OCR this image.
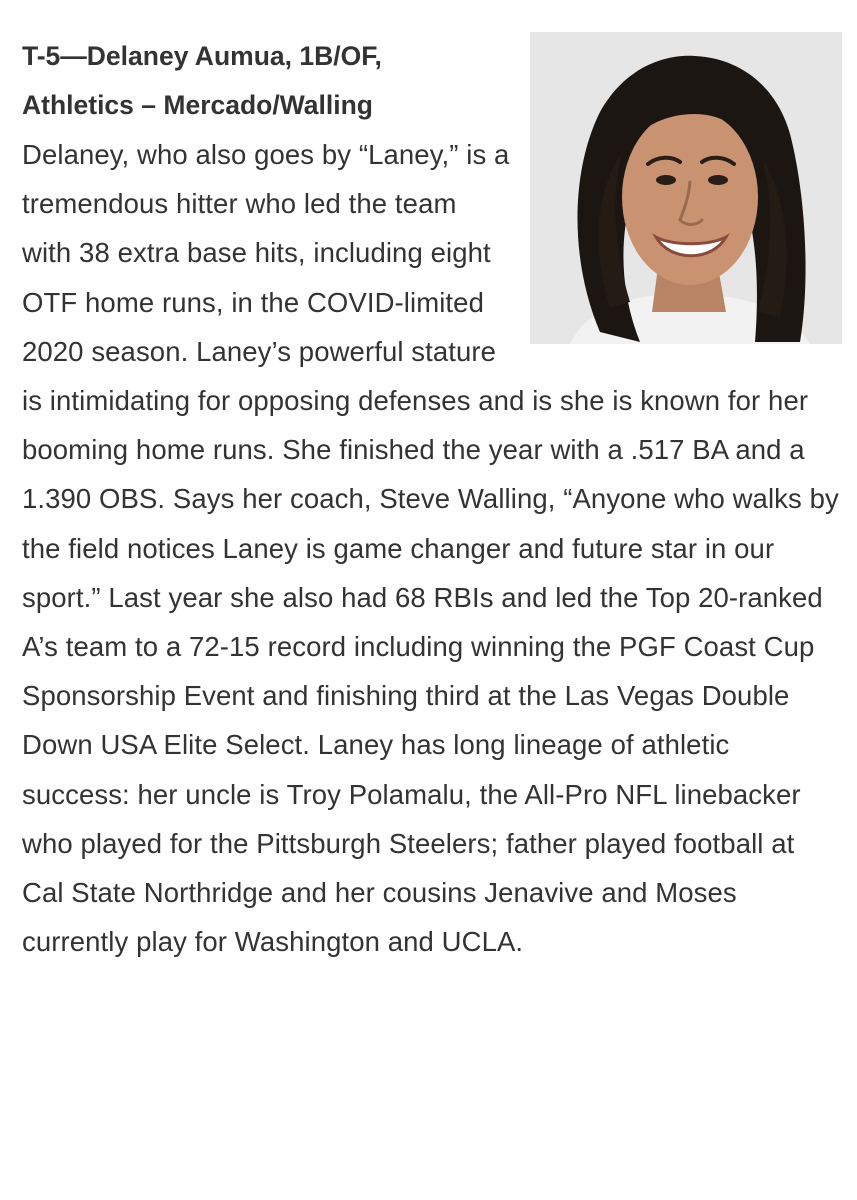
T-5—Delaney Aumua, 1B/OF,
Athletics – Mercado/Walling

Delaney, who also goes by “Laney,” is a tremendous hitter who led the team with 38 extra base hits, including eight OTF home runs, in the COVID-limited 2020 season. Laney’s powerful stature is intimidating for opposing defenses and is she is known for her booming home runs. She finished the year with a .517 BA and a 1.390 OBS. Says her coach, Steve Walling, “Anyone who walks by the field notices Laney is game changer and future star in our sport.” Last year she also had 68 RBIs and led the Top 20-ranked A’s team to a 72-15 record including winning the PGF Coast Cup Sponsorship Event and finishing third at the Las Vegas Double Down USA Elite Select. Laney has long lineage of athletic success: her uncle is Troy Polamalu, the All-Pro NFL linebacker who played for the Pittsburgh Steelers; father played football at Cal State Northridge and her cousins Jenavive and Moses currently play for Washington and UCLA.
